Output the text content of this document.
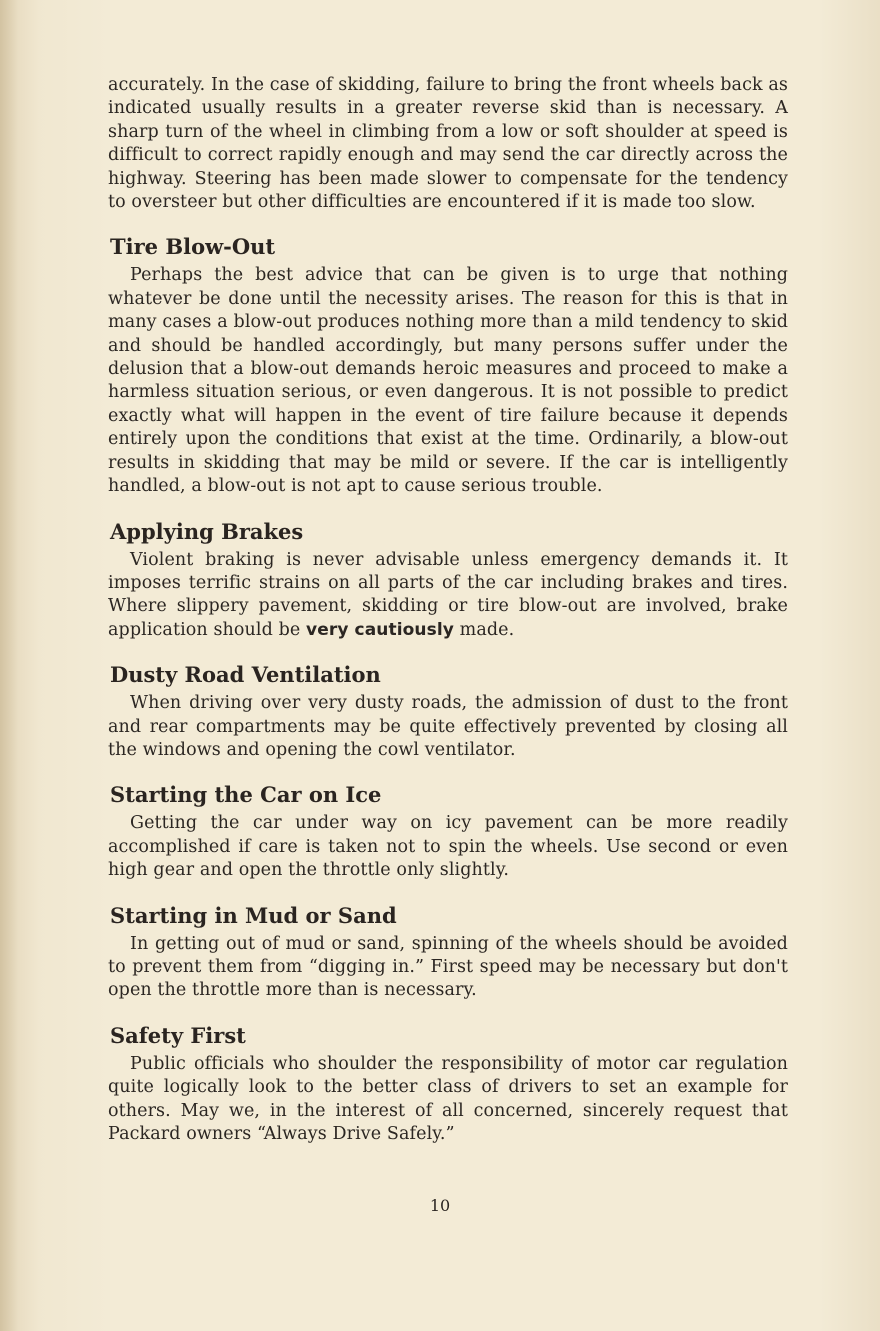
accurately. In the case of skidding, failure to bring the front wheels back as indicated usually results in a greater reverse skid than is necessary. A sharp turn of the wheel in climbing from a low or soft shoulder at speed is difficult to correct rapidly enough and may send the car directly across the highway. Steering has been made slower to compensate for the tendency to oversteer but other difficulties are encountered if it is made too slow.

Tire Blow-Out

Perhaps the best advice that can be given is to urge that nothing whatever be done until the necessity arises. The reason for this is that in many cases a blow-out produces nothing more than a mild tendency to skid and should be handled accordingly, but many persons suffer under the delusion that a blow-out demands heroic measures and proceed to make a harmless situation serious, or even dangerous. It is not possible to predict exactly what will happen in the event of tire failure because it depends entirely upon the conditions that exist at the time. Ordinarily, a blow-out results in skidding that may be mild or severe. If the car is intelligently handled, a blow-out is not apt to cause serious trouble.

Applying Brakes

Violent braking is never advisable unless emergency demands it. It imposes terrific strains on all parts of the car including brakes and tires. Where slippery pavement, skidding or tire blow-out are involved, brake application should be very cautiously made.

Dusty Road Ventilation

When driving over very dusty roads, the admission of dust to the front and rear compartments may be quite effectively prevented by closing all the windows and opening the cowl ventilator.

Starting the Car on Ice

Getting the car under way on icy pavement can be more readily accomplished if care is taken not to spin the wheels. Use second or even high gear and open the throttle only slightly.

Starting in Mud or Sand

In getting out of mud or sand, spinning of the wheels should be avoided to prevent them from “digging in.” First speed may be necessary but don't open the throttle more than is necessary.

Safety First

Public officials who shoulder the responsibility of motor car regulation quite logically look to the better class of drivers to set an example for others. May we, in the interest of all concerned, sincerely request that Packard owners “Always Drive Safely.”

10
